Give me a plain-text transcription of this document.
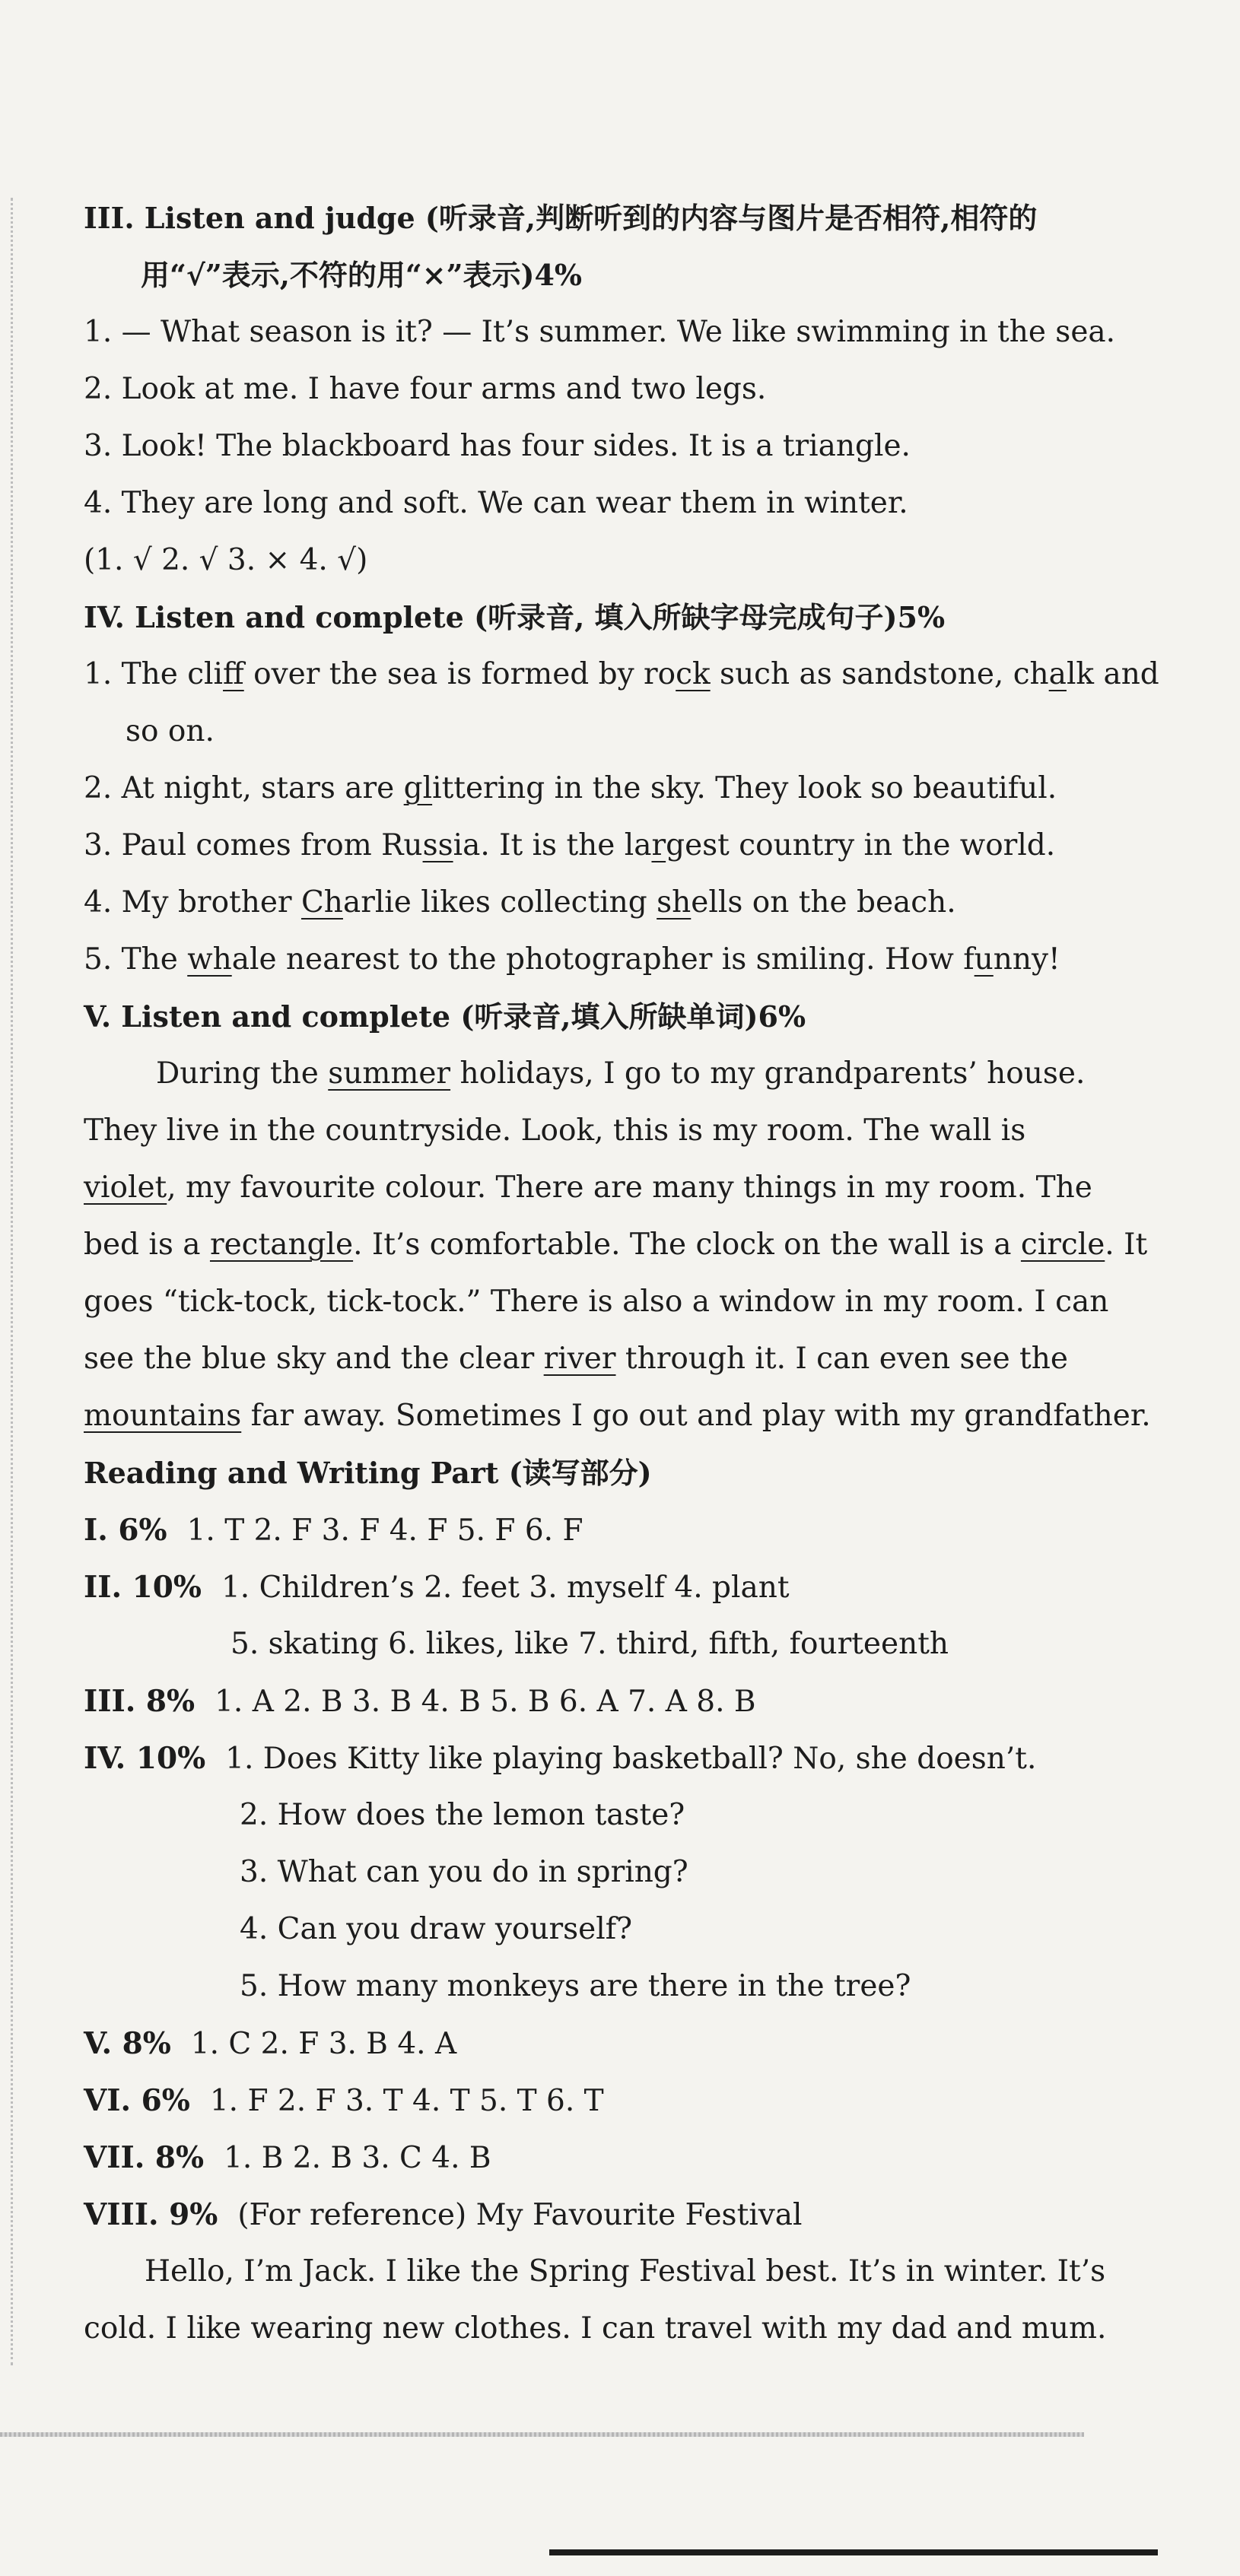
III. Listen and judge (听录音,判断听到的内容与图片是否相符,相符的
用“√”表示,不符的用“×”表示)4%
1. — What season is it? — It’s summer. We like swimming in the sea.
2. Look at me. I have four arms and two legs.
3. Look! The blackboard has four sides. It is a triangle.
4. They are long and soft. We can wear them in winter.
(1. √ 2. √ 3. × 4. √)
IV. Listen and complete (听录音, 填入所缺字母完成句子)5%
1. The cliff over the sea is formed by rock such as sandstone, chalk and
so on.
2. At night, stars are glittering in the sky. They look so beautiful.
3. Paul comes from Russia. It is the largest country in the world.
4. My brother Charlie likes collecting shells on the beach.
5. The whale nearest to the photographer is smiling. How funny!
V. Listen and complete (听录音,填入所缺单词)6%
During the summer holidays, I go to my grandparents’ house.
They live in the countryside. Look, this is my room. The wall is
violet, my favourite colour. There are many things in my room. The
bed is a rectangle. It’s comfortable. The clock on the wall is a circle. It
goes “tick-tock, tick-tock.” There is also a window in my room. I can
see the blue sky and the clear river through it. I can even see the
mountains far away. Sometimes I go out and play with my grandfather.
Reading and Writing Part (读写部分)
I. 6% 1. T 2. F 3. F 4. F 5. F 6. F
II. 10% 1. Children’s 2. feet 3. myself 4. plant
5. skating 6. likes, like 7. third, fifth, fourteenth
III. 8% 1. A 2. B 3. B 4. B 5. B 6. A 7. A 8. B
IV. 10% 1. Does Kitty like playing basketball? No, she doesn’t.
2. How does the lemon taste?
3. What can you do in spring?
4. Can you draw yourself?
5. How many monkeys are there in the tree?
V. 8% 1. C 2. F 3. B 4. A
VI. 6% 1. F 2. F 3. T 4. T 5. T 6. T
VII. 8% 1. B 2. B 3. C 4. B
VIII. 9% (For reference) My Favourite Festival
Hello, I’m Jack. I like the Spring Festival best. It’s in winter. It’s
cold. I like wearing new clothes. I can travel with my dad and mum.
